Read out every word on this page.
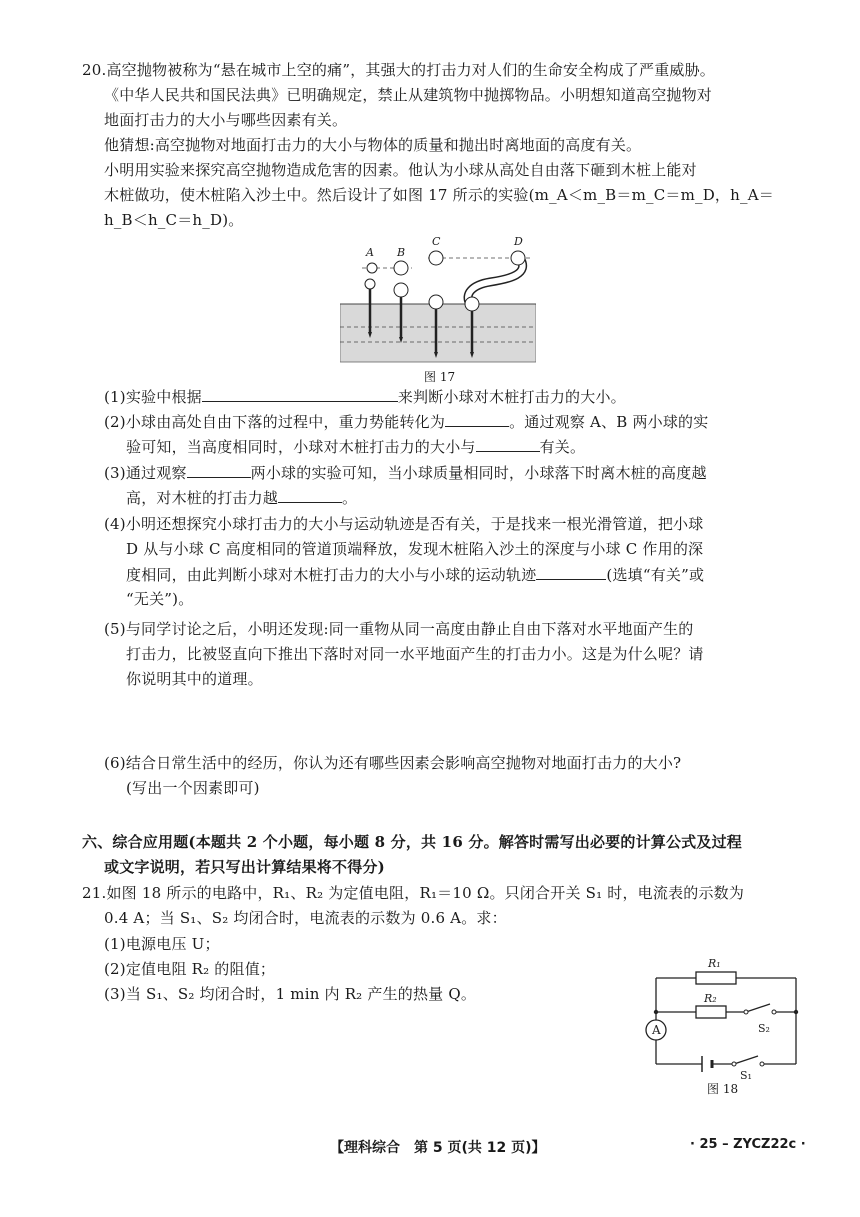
20.高空抛物被称为“悬在城市上空的痛”，其强大的打击力对人们的生命安全构成了严重威胁。
《中华人民共和国民法典》已明确规定，禁止从建筑物中抛掷物品。小明想知道高空抛物对
地面打击力的大小与哪些因素有关。
他猜想:高空抛物对地面打击力的大小与物体的质量和抛出时离地面的高度有关。
小明用实验来探究高空抛物造成危害的因素。他认为小球从高处自由落下砸到木桩上能对
木桩做功，使木桩陷入沙土中。然后设计了如图 17 所示的实验(m_A＜m_B＝m_C＝m_D，h_A＝
h_B＜h_C＝h_D)。
A B
C	D
图 17
(1)实验中根据	来判断小球对木桩打击力的大小。
(2)小球由高处自由下落的过程中，重力势能转化为	。通过观察 A、B 两小球的实
验可知，当高度相同时，小球对木桩打击力的大小与	有关。
(3)通过观察	两小球的实验可知，当小球质量相同时，小球落下时离木桩的高度越
高，对木桩的打击力越	。
(4)小明还想探究小球打击力的大小与运动轨迹是否有关，于是找来一根光滑管道，把小球
D 从与小球 C 高度相同的管道顶端释放，发现木桩陷入沙土的深度与小球 C 作用的深
度相同，由此判断小球对木桩打击力的大小与小球的运动轨迹	(选填“有关”或
“无关”)。
(5)与同学讨论之后，小明还发现:同一重物从同一高度由静止自由下落对水平地面产生的
打击力，比被竖直向下推出下落时对同一水平地面产生的打击力小。这是为什么呢？请
你说明其中的道理。
(6)结合日常生活中的经历，你认为还有哪些因素会影响高空抛物对地面打击力的大小?
(写出一个因素即可)
六、综合应用题(本题共 2 个小题，每小题 8 分，共 16 分。解答时需写出必要的计算公式及过程
或文字说明，若只写出计算结果将不得分)
21.如图 18 所示的电路中，R₁、R₂ 为定值电阻，R₁＝10 Ω。只闭合开关 S₁ 时，电流表的示数为
0.4 A；当 S₁、S₂ 均闭合时，电流表的示数为 0.6 A。求：
(1)电源电压 U；
(2)定值电阻 R₂ 的阻值；
(3)当 S₁、S₂ 均闭合时，1 min 内 R₂ 产生的热量 Q。
A
R₁
R₂
S₂
S₁
图 18
【理科综合　第 5 页(共 12 页)】	· 25 – ZYCZ22c ·
